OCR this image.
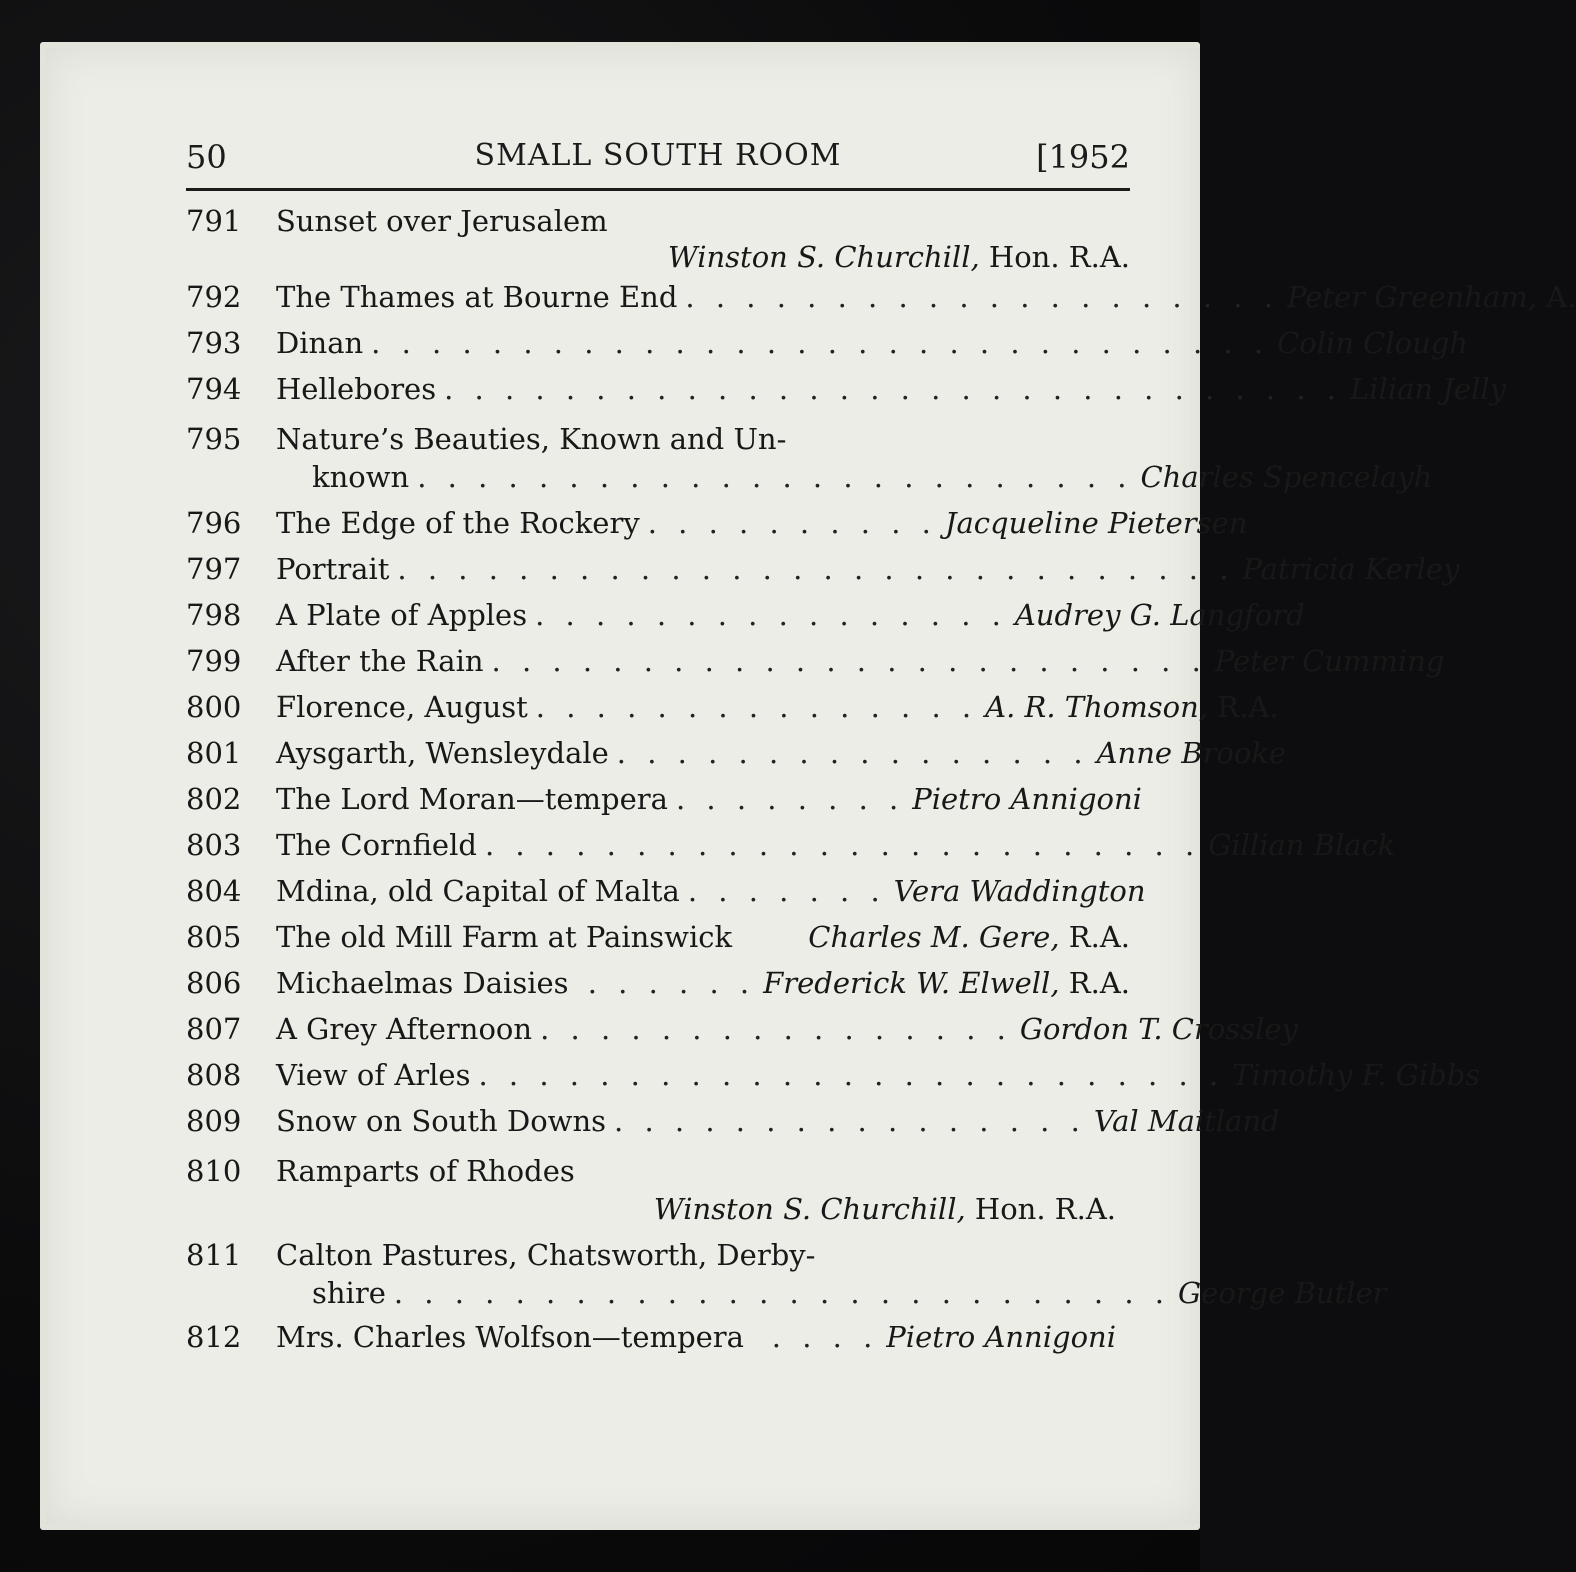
50	SMALL SOUTH ROOM	[1952
791	Sunset over Jerusalem
Winston S. Churchill, Hon. R.A.
792	The Thames at Bourne End . . . . . . . . . . . . . . . . . . . . Peter Greenham, A.
793	Dinan . . . . . . . . . . . . . . . . . . . . . . . . . . . . . . Colin Clough
794	Hellebores . . . . . . . . . . . . . . . . . . . . . . . . . . . . . . Lilian Jelly
795	Nature’s Beauties, Known and Un-
known . . . . . . . . . . . . . . . . . . . . . . . . Charles Spencelayh
796	The Edge of the Rockery . . . . . . . . . . Jacqueline Pietersen
797	Portrait . . . . . . . . . . . . . . . . . . . . . . . . . . . . Patricia Kerley
798	A Plate of Apples . . . . . . . . . . . . . . . . Audrey G. Langford
799	After the Rain . . . . . . . . . . . . . . . . . . . . . . . . Peter Cumming
800	Florence, August . . . . . . . . . . . . . . . A. R. Thomson, R.A.
801	Aysgarth, Wensleydale . . . . . . . . . . . . . . . . Anne Brooke
802	The Lord Moran—tempera . . . . . . . . Pietro Annigoni
803	The Cornfield . . . . . . . . . . . . . . . . . . . . . . . . Gillian Black
804	Mdina, old Capital of Malta . . . . . . . Vera Waddington
805	The old Mill Farm at Painswick	Charles M. Gere, R.A.
806	Michaelmas Daisies . . . . . . Frederick W. Elwell, R.A.
807	A Grey Afternoon . . . . . . . . . . . . . . . . Gordon T. Crossley
808	View of Arles . . . . . . . . . . . . . . . . . . . . . . . . . Timothy F. Gibbs
809	Snow on South Downs . . . . . . . . . . . . . . . . Val Maitland
810	Ramparts of Rhodes
Winston S. Churchill, Hon. R.A.
811	Calton Pastures, Chatsworth, Derby-
shire . . . . . . . . . . . . . . . . . . . . . . . . . . George Butler
812	Mrs. Charles Wolfson—tempera . . . . Pietro Annigoni
